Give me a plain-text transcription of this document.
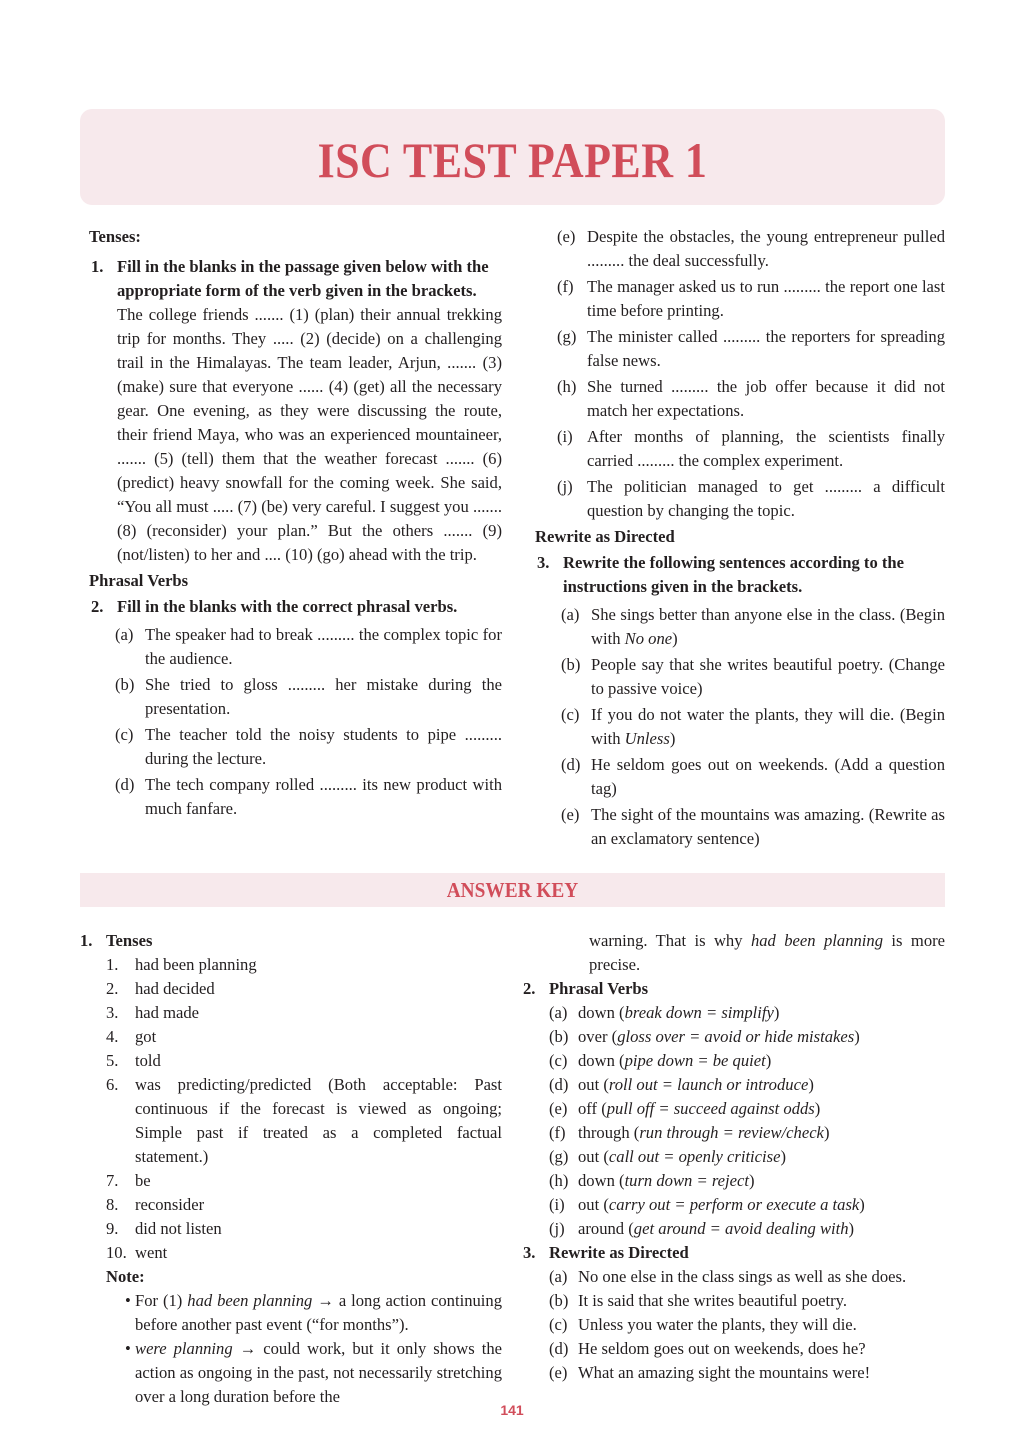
ISC TEST PAPER 1

Tenses:

1. Fill in the blanks in the passage given below with the appropriate form of the verb given in the brackets.
The college friends ....... (1) (plan) their annual trekking trip for months. They ..... (2) (decide) on a challenging trail in the Himalayas. The team leader, Arjun, ....... (3) (make) sure that everyone ...... (4) (get) all the necessary gear. One evening, as they were discussing the route, their friend Maya, who was an experienced mountaineer, ....... (5) (tell) them that the weather forecast ....... (6) (predict) heavy snowfall for the coming week. She said, “You all must ..... (7) (be) very careful. I suggest you ....... (8) (reconsider) your plan.” But the others ....... (9) (not/listen) to her and .... (10) (go) ahead with the trip.

Phrasal Verbs

2. Fill in the blanks with the correct phrasal verbs.
(a) The speaker had to break ......... the complex topic for the audience.
(b) She tried to gloss ......... her mistake during the presentation.
(c) The teacher told the noisy students to pipe ......... during the lecture.
(d) The tech company rolled ......... its new product with much fanfare.
(e) Despite the obstacles, the young entrepreneur pulled ......... the deal successfully.
(f) The manager asked us to run ......... the report one last time before printing.
(g) The minister called ......... the reporters for spreading false news.
(h) She turned ......... the job offer because it did not match her expectations.
(i) After months of planning, the scientists finally carried ......... the complex experiment.
(j) The politician managed to get ......... a difficult question by changing the topic.

Rewrite as Directed

3. Rewrite the following sentences according to the instructions given in the brackets.
(a) She sings better than anyone else in the class. (Begin with No one)
(b) People say that she writes beautiful poetry. (Change to passive voice)
(c) If you do not water the plants, they will die. (Begin with Unless)
(d) He seldom goes out on weekends. (Add a question tag)
(e) The sight of the mountains was amazing. (Rewrite as an exclamatory sentence)
ANSWER KEY
1. Tenses
1. had been planning
2. had decided
3. had made
4. got
5. told
6. was predicting/predicted (Both acceptable: Past continuous if the forecast is viewed as ongoing; Simple past if treated as a completed factual statement.)
7. be
8. reconsider
9. did not listen
10. went
Note:
• For (1) had been planning → a long action continuing before another past event (“for months”).
• were planning → could work, but it only shows the action as ongoing in the past, not necessarily stretching over a long duration before the
warning. That is why had been planning is more precise.
2. Phrasal Verbs
(a) down (break down = simplify)
(b) over (gloss over = avoid or hide mistakes)
(c) down (pipe down = be quiet)
(d) out (roll out = launch or introduce)
(e) off (pull off = succeed against odds)
(f) through (run through = review/check)
(g) out (call out = openly criticise)
(h) down (turn down = reject)
(i) out (carry out = perform or execute a task)
(j) around (get around = avoid dealing with)
3. Rewrite as Directed
(a) No one else in the class sings as well as she does.
(b) It is said that she writes beautiful poetry.
(c) Unless you water the plants, they will die.
(d) He seldom goes out on weekends, does he?
(e) What an amazing sight the mountains were!
141
